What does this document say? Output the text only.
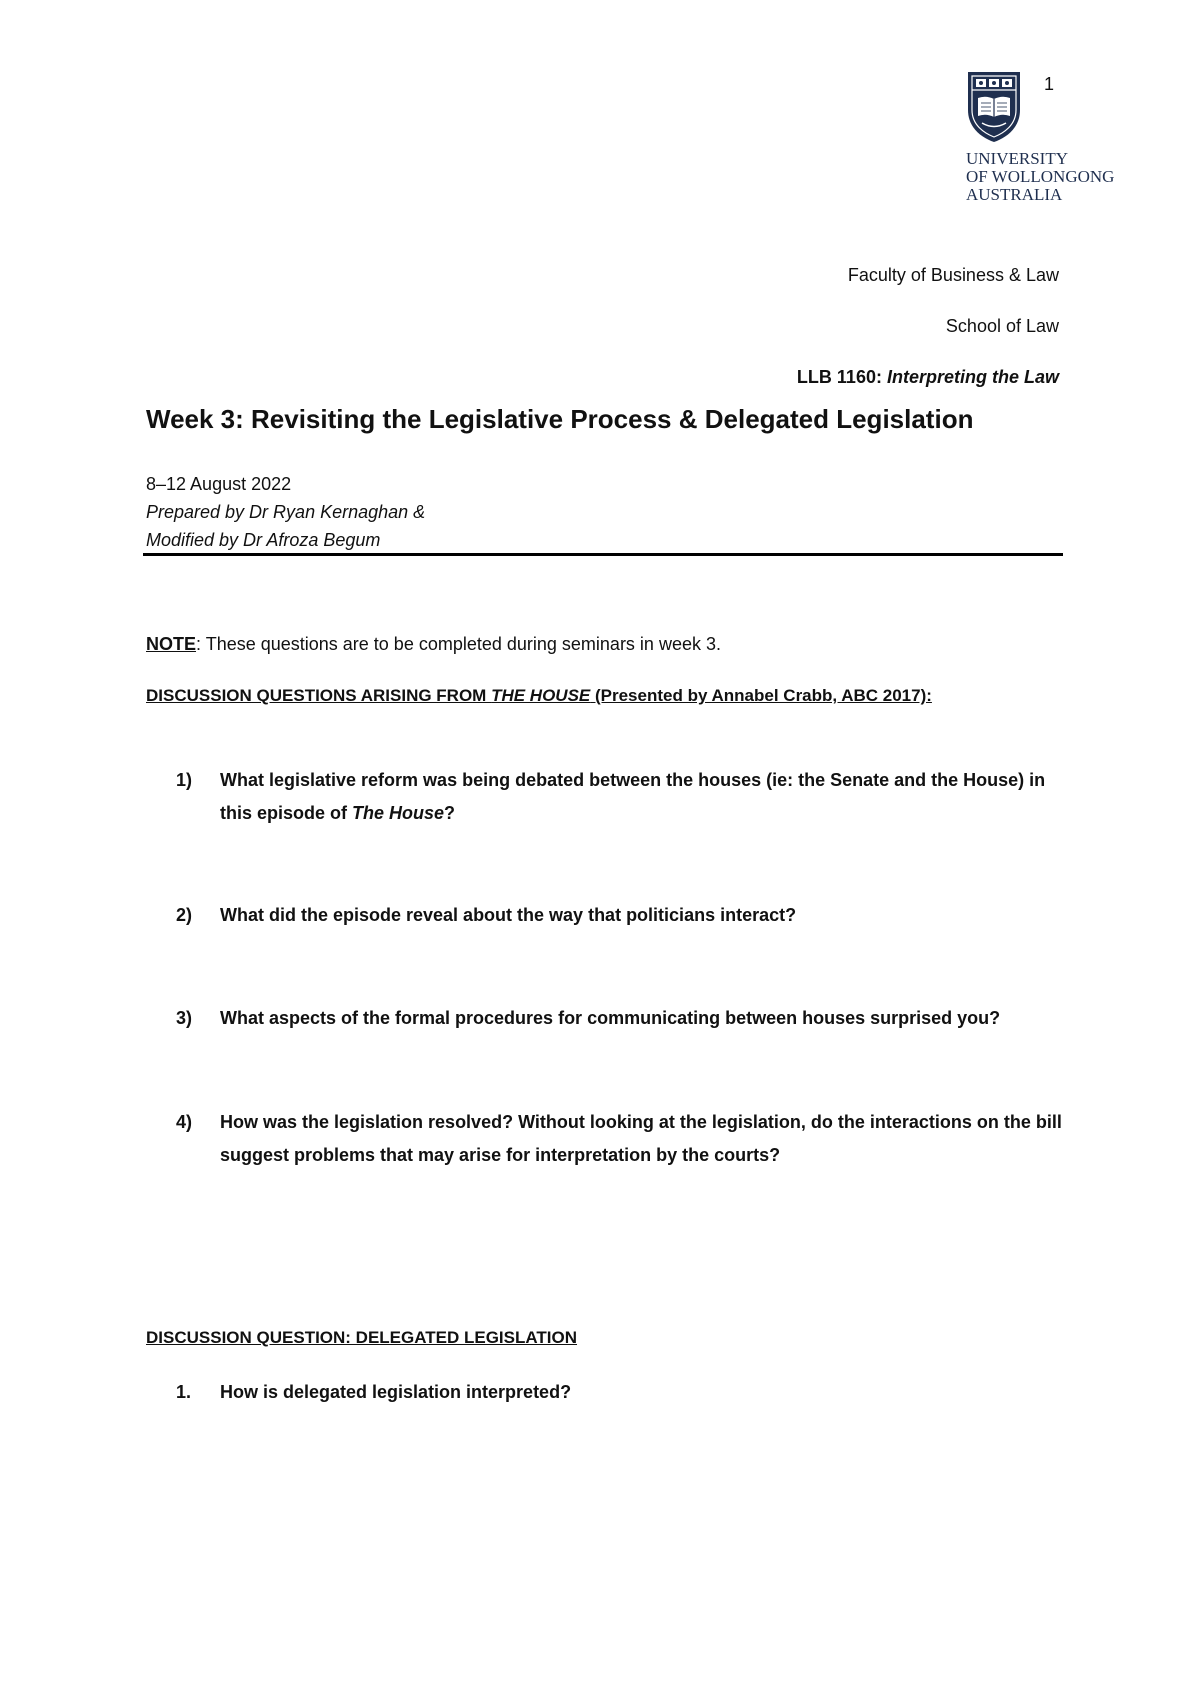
1
UNIVERSITY
OF WOLLONGONG
AUSTRALIA
Faculty of Business & Law
School of Law
LLB 1160: Interpreting the Law
Week 3: Revisiting the Legislative Process & Delegated Legislation
8–12 August 2022
Prepared by Dr Ryan Kernaghan &
Modified by Dr Afroza Begum
NOTE: These questions are to be completed during seminars in week 3.
DISCUSSION QUESTIONS ARISING FROM THE HOUSE (Presented by Annabel Crabb, ABC 2017):
1)	What legislative reform was being debated between the houses (ie: the Senate and the House) in this episode of The House?
2)	What did the episode reveal about the way that politicians interact?
3)	What aspects of the formal procedures for communicating between houses surprised you?
4)	How was the legislation resolved? Without looking at the legislation, do the interactions on the bill suggest problems that may arise for interpretation by the courts?
DISCUSSION QUESTION: DELEGATED LEGISLATION
1.	How is delegated legislation interpreted?
